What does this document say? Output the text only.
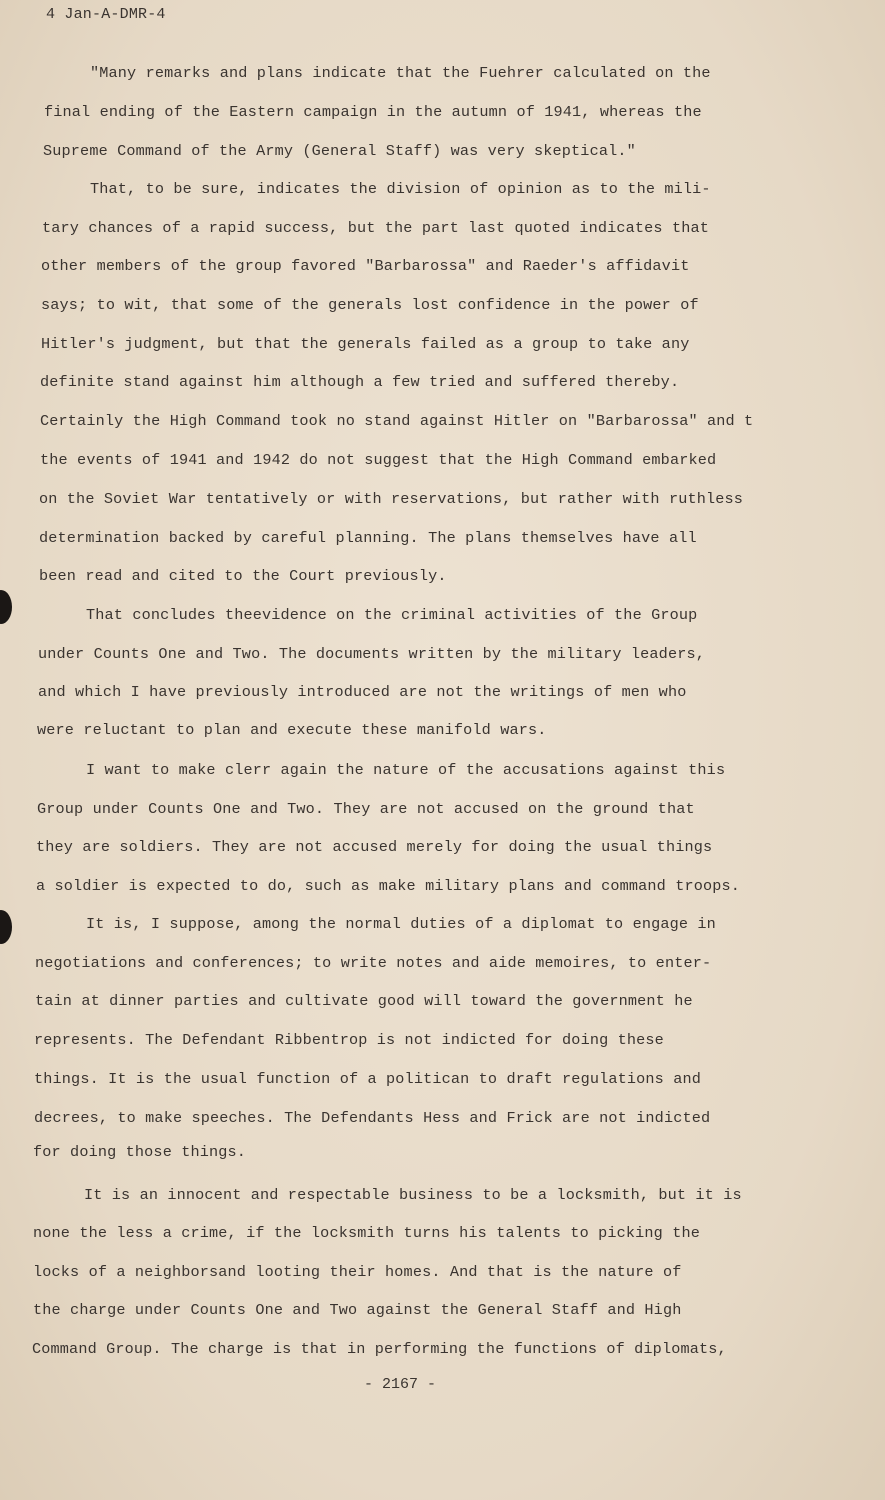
4 Jan-A-DMR-4
"Many remarks and plans indicate that the Fuehrer calculated on the
final ending of the Eastern campaign in the autumn of 1941, whereas the
Supreme Command of the Army (General Staff) was very skeptical."
That, to be sure, indicates the division of opinion as to the mili-
tary chances of a rapid success, but the part last quoted indicates that
other members of the group favored "Barbarossa" and Raeder's affidavit
says; to wit, that some of the generals lost confidence in the power of
Hitler's judgment, but that the generals failed as a group to take any
definite stand against him although a few tried and suffered thereby.
Certainly the High Command took no stand against Hitler on "Barbarossa" and t
the events of 1941 and 1942 do not suggest that the High Command embarked
on the Soviet War tentatively or with reservations, but rather with ruthless
determination backed by careful planning. The plans themselves have all
been read and cited to the Court previously.
That concludes theevidence on the criminal activities of the Group
under Counts One and Two. The documents written by the military leaders,
and which I have previously introduced are not the writings of men who
were reluctant to plan and execute these manifold wars.
I want to make clerr again the nature of the accusations against this
Group under Counts One and Two. They are not accused on the ground that
they are soldiers. They are not accused merely for doing the usual things
a soldier is expected to do, such as make military plans and command troops.
It is, I suppose, among the normal duties of a diplomat to engage in
negotiations and conferences; to write notes and aide memoires, to enter-
tain at dinner parties and cultivate good will toward the government he
represents. The Defendant Ribbentrop is not indicted for doing these
things. It is the usual function of a politican to draft regulations and
decrees, to make speeches. The Defendants Hess and Frick are not indicted
for doing those things.
It is an innocent and respectable business to be a locksmith, but it is
none the less a crime, if the locksmith turns his talents to picking the
locks of a neighborsand looting their homes. And that is the nature of
the charge under Counts One and Two against the General Staff and High
Command Group. The charge is that in performing the functions of diplomats,
- 2167 -
